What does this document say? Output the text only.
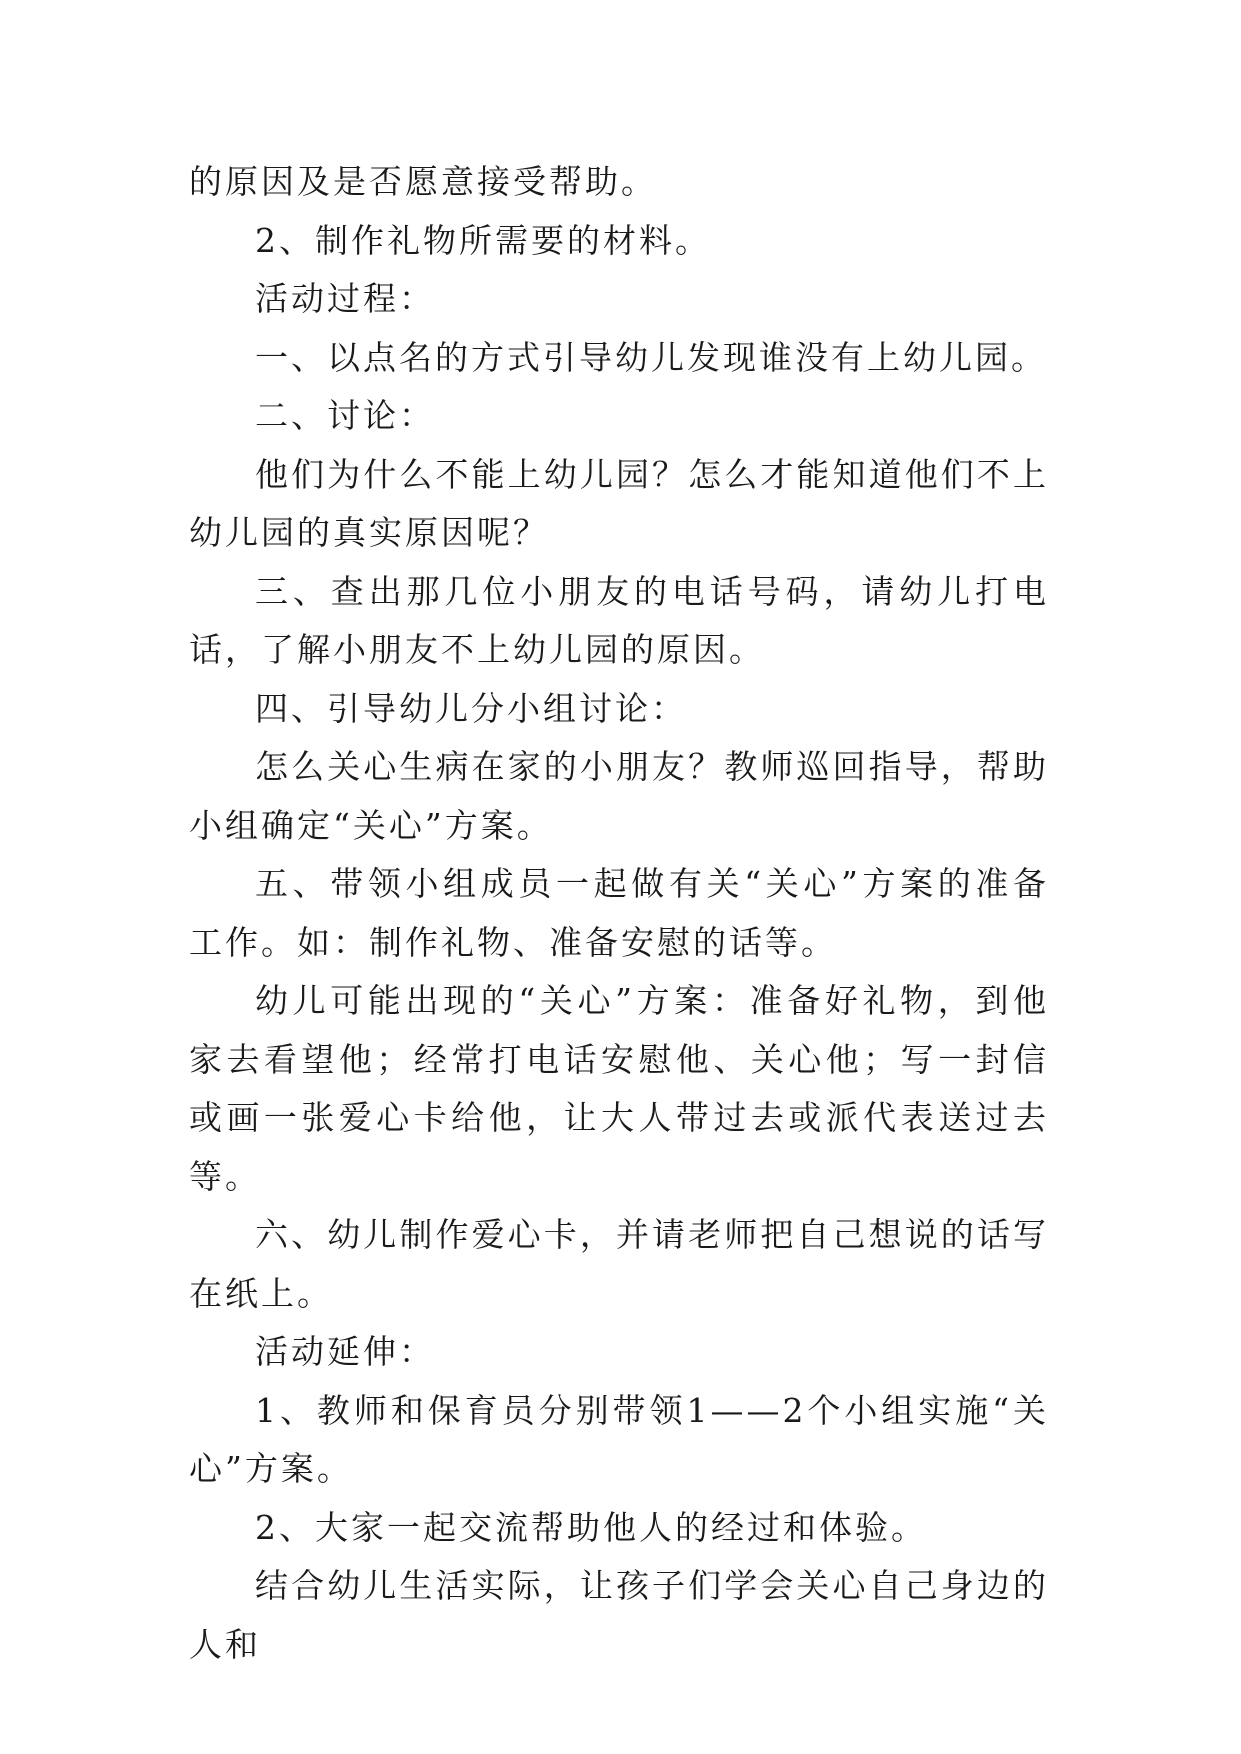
的原因及是否愿意接受帮助。

2、制作礼物所需要的材料。

活动过程：

一、以点名的方式引导幼儿发现谁没有上幼儿园。

二、讨论：

他们为什么不能上幼儿园？怎么才能知道他们不上幼儿园的真实原因呢？

三、查出那几位小朋友的电话号码，请幼儿打电话，了解小朋友不上幼儿园的原因。

四、引导幼儿分小组讨论：

怎么关心生病在家的小朋友？教师巡回指导，帮助小组确定“关心”方案。

五、带领小组成员一起做有关“关心”方案的准备工作。如：制作礼物、准备安慰的话等。

幼儿可能出现的“关心”方案：准备好礼物，到他家去看望他；经常打电话安慰他、关心他；写一封信或画一张爱心卡给他，让大人带过去或派代表送过去等。

六、幼儿制作爱心卡，并请老师把自己想说的话写在纸上。

活动延伸：

1、教师和保育员分别带领1——2个小组实施“关心”方案。

2、大家一起交流帮助他人的经过和体验。

结合幼儿生活实际，让孩子们学会关心自己身边的人和
